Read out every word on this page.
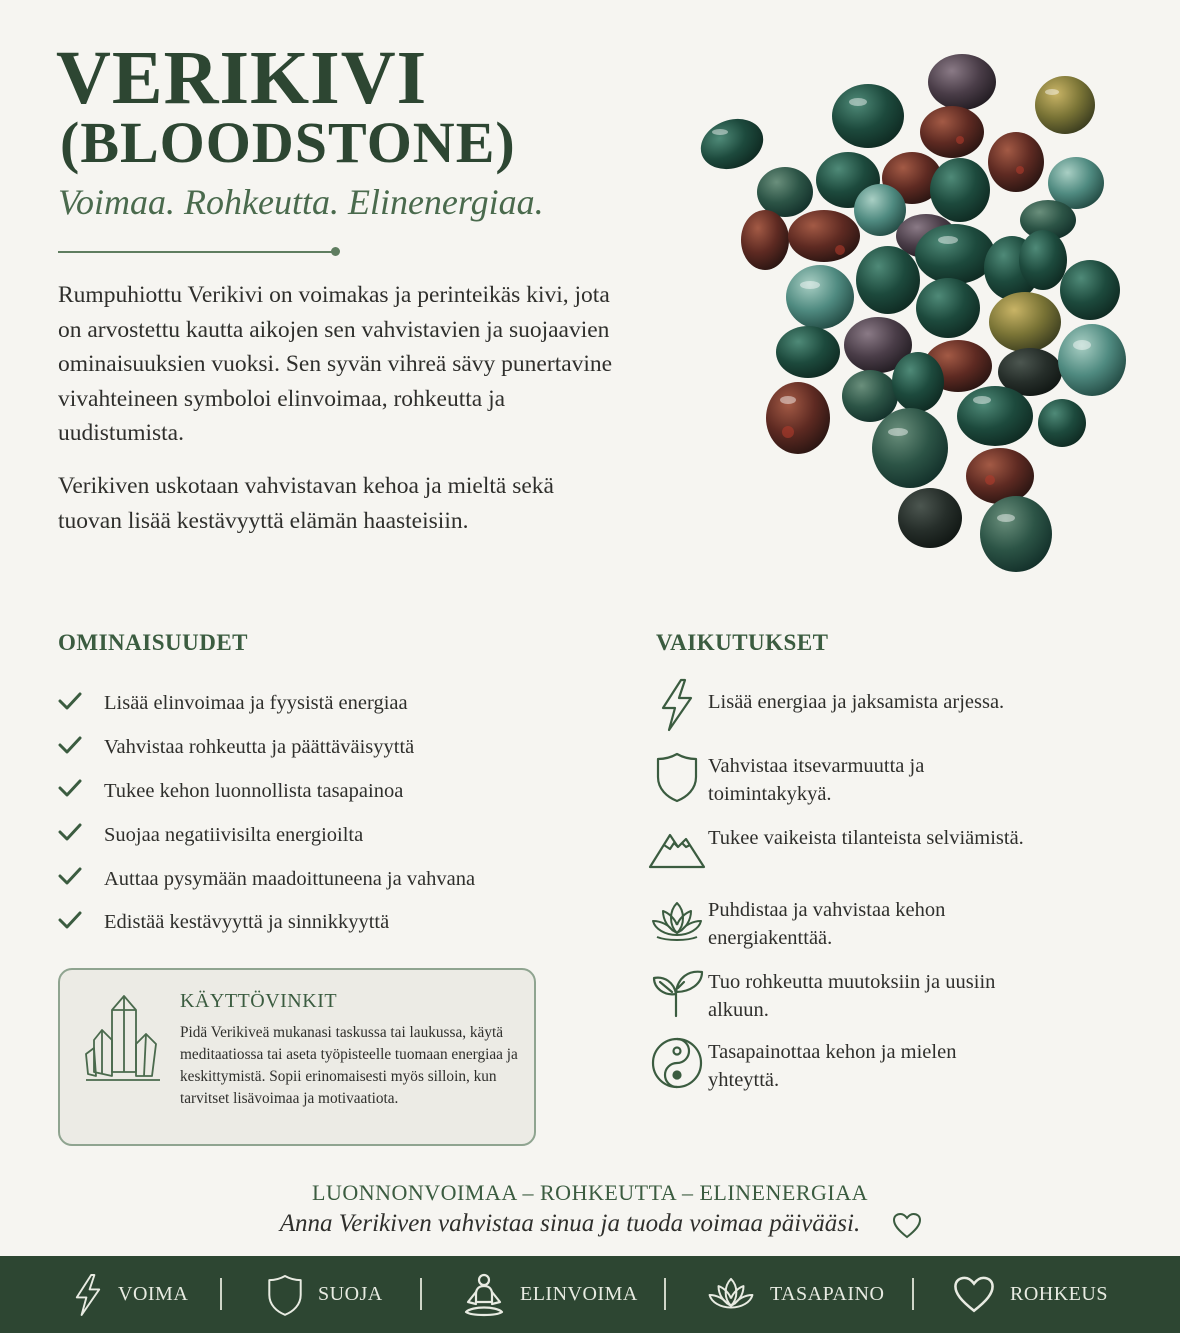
VERIKIVI
(BLOODSTONE)
Voimaa. Rohkeutta. Elinenergiaa.

Rumpuhiottu Verikivi on voimakas ja perinteikäs kivi, jota on arvostettu kautta aikojen sen vahvistavien ja suojaavien ominaisuuksien vuoksi. Sen syvän vihreä sävy punertavine vivahteineen symboloi elinvoimaa, rohkeutta ja uudistumista.

Verikiven uskotaan vahvistavan kehoa ja mieltä sekä tuovan lisää kestävyyttä elämän haasteisiin.

OMINAISUUDET
Lisää elinvoimaa ja fyysistä energiaa
Vahvistaa rohkeutta ja päättäväisyyttä
Tukee kehon luonnollista tasapainoa
Suojaa negatiivisilta energioilta
Auttaa pysymään maadoittuneena ja vahvana
Edistää kestävyyttä ja sinnikkyyttä
KÄYTTÖVINKIT
Pidä Verikiveä mukanasi taskussa tai laukussa, käytä meditaatiossa tai aseta työpisteelle tuomaan energiaa ja keskittymistä. Sopii erinomaisesti myös silloin, kun tarvitset lisävoimaa ja motivaatiota.
VAIKUTUKSET
Lisää energiaa ja jaksamista arjessa.
Vahvistaa itsevarmuutta ja toimintakykyä.
Tukee vaikeista tilanteista selviämistä.
Puhdistaa ja vahvistaa kehon energiakenttää.
Tuo rohkeutta muutoksiin ja uusiin alkuun.
Tasapainottaa kehon ja mielen yhteyttä.
LUONNONVOIMAA – ROHKEUTTA – ELINENERGIAA
Anna Verikiven vahvistaa sinua ja tuoda voimaa päivääsi.
VOIMA	SUOJA	ELINVOIMA	TASAPAINO	ROHKEUS
